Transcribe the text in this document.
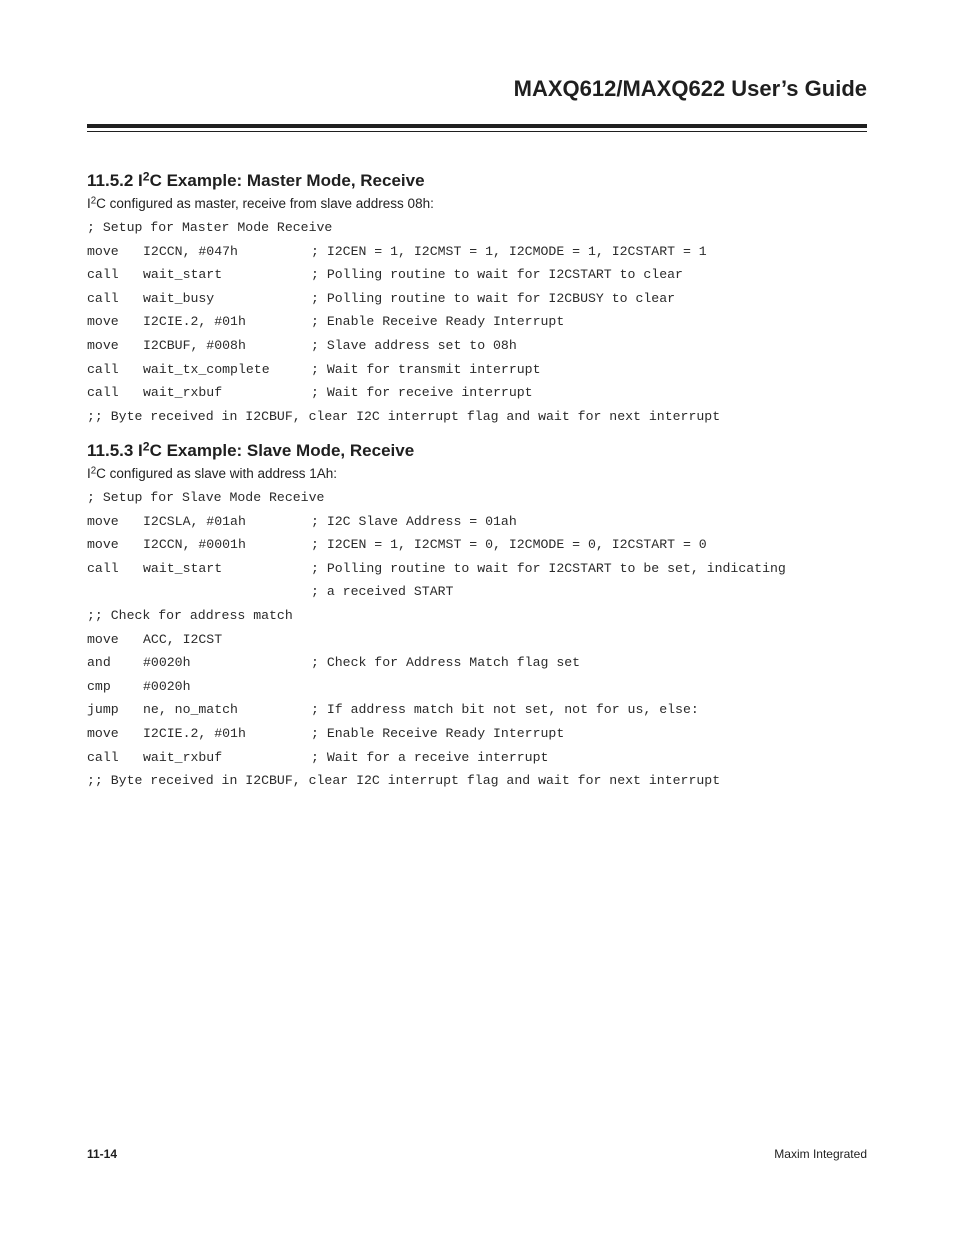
MAXQ612/MAXQ622 User’s Guide
11.5.2 $I^2C$ Example: Master Mode, Receive

$I^2C$ configured as master, receive from slave address 08h:

; Setup for Master Mode Receive
move I2CCN, #047h	; I2CEN = 1, I2CMST = 1, I2CMODE = 1, I2CSTART = 1
call wait_start	; Polling routine to wait for I2CSTART to clear
call wait_busy	; Polling routine to wait for I2CBUSY to clear
move I2CIE.2, #01h	; Enable Receive Ready Interrupt
move I2CBUF, #008h	; Slave address set to 08h
call wait_tx_complete	; Wait for transmit interrupt
call wait_rxbuf	; Wait for receive interrupt
;; Byte received in I2CBUF, clear I2C interrupt flag and wait for next interrupt
11.5.3 $I^2C$ Example: Slave Mode, Receive

$I^2C$ configured as slave with address 1Ah:

; Setup for Slave Mode Receive
move I2CSLA, #01ah	; I2C Slave Address = 01ah
move I2CCN, #0001h	; I2CEN = 1, I2CMST = 0, I2CMODE = 0, I2CSTART = 0
call wait_start	; Polling routine to wait for I2CSTART to be set, indicating
; a received START
;; Check for address match
move ACC, I2CST
and #0020h	; Check for Address Match flag set
cmp #0020h
jump ne, no_match	; If address match bit not set, not for us, else:
move I2CIE.2, #01h	; Enable Receive Ready Interrupt
call wait_rxbuf	; Wait for a receive interrupt
;; Byte received in I2CBUF, clear I2C interrupt flag and wait for next interrupt
11-14	Maxim Integrated
